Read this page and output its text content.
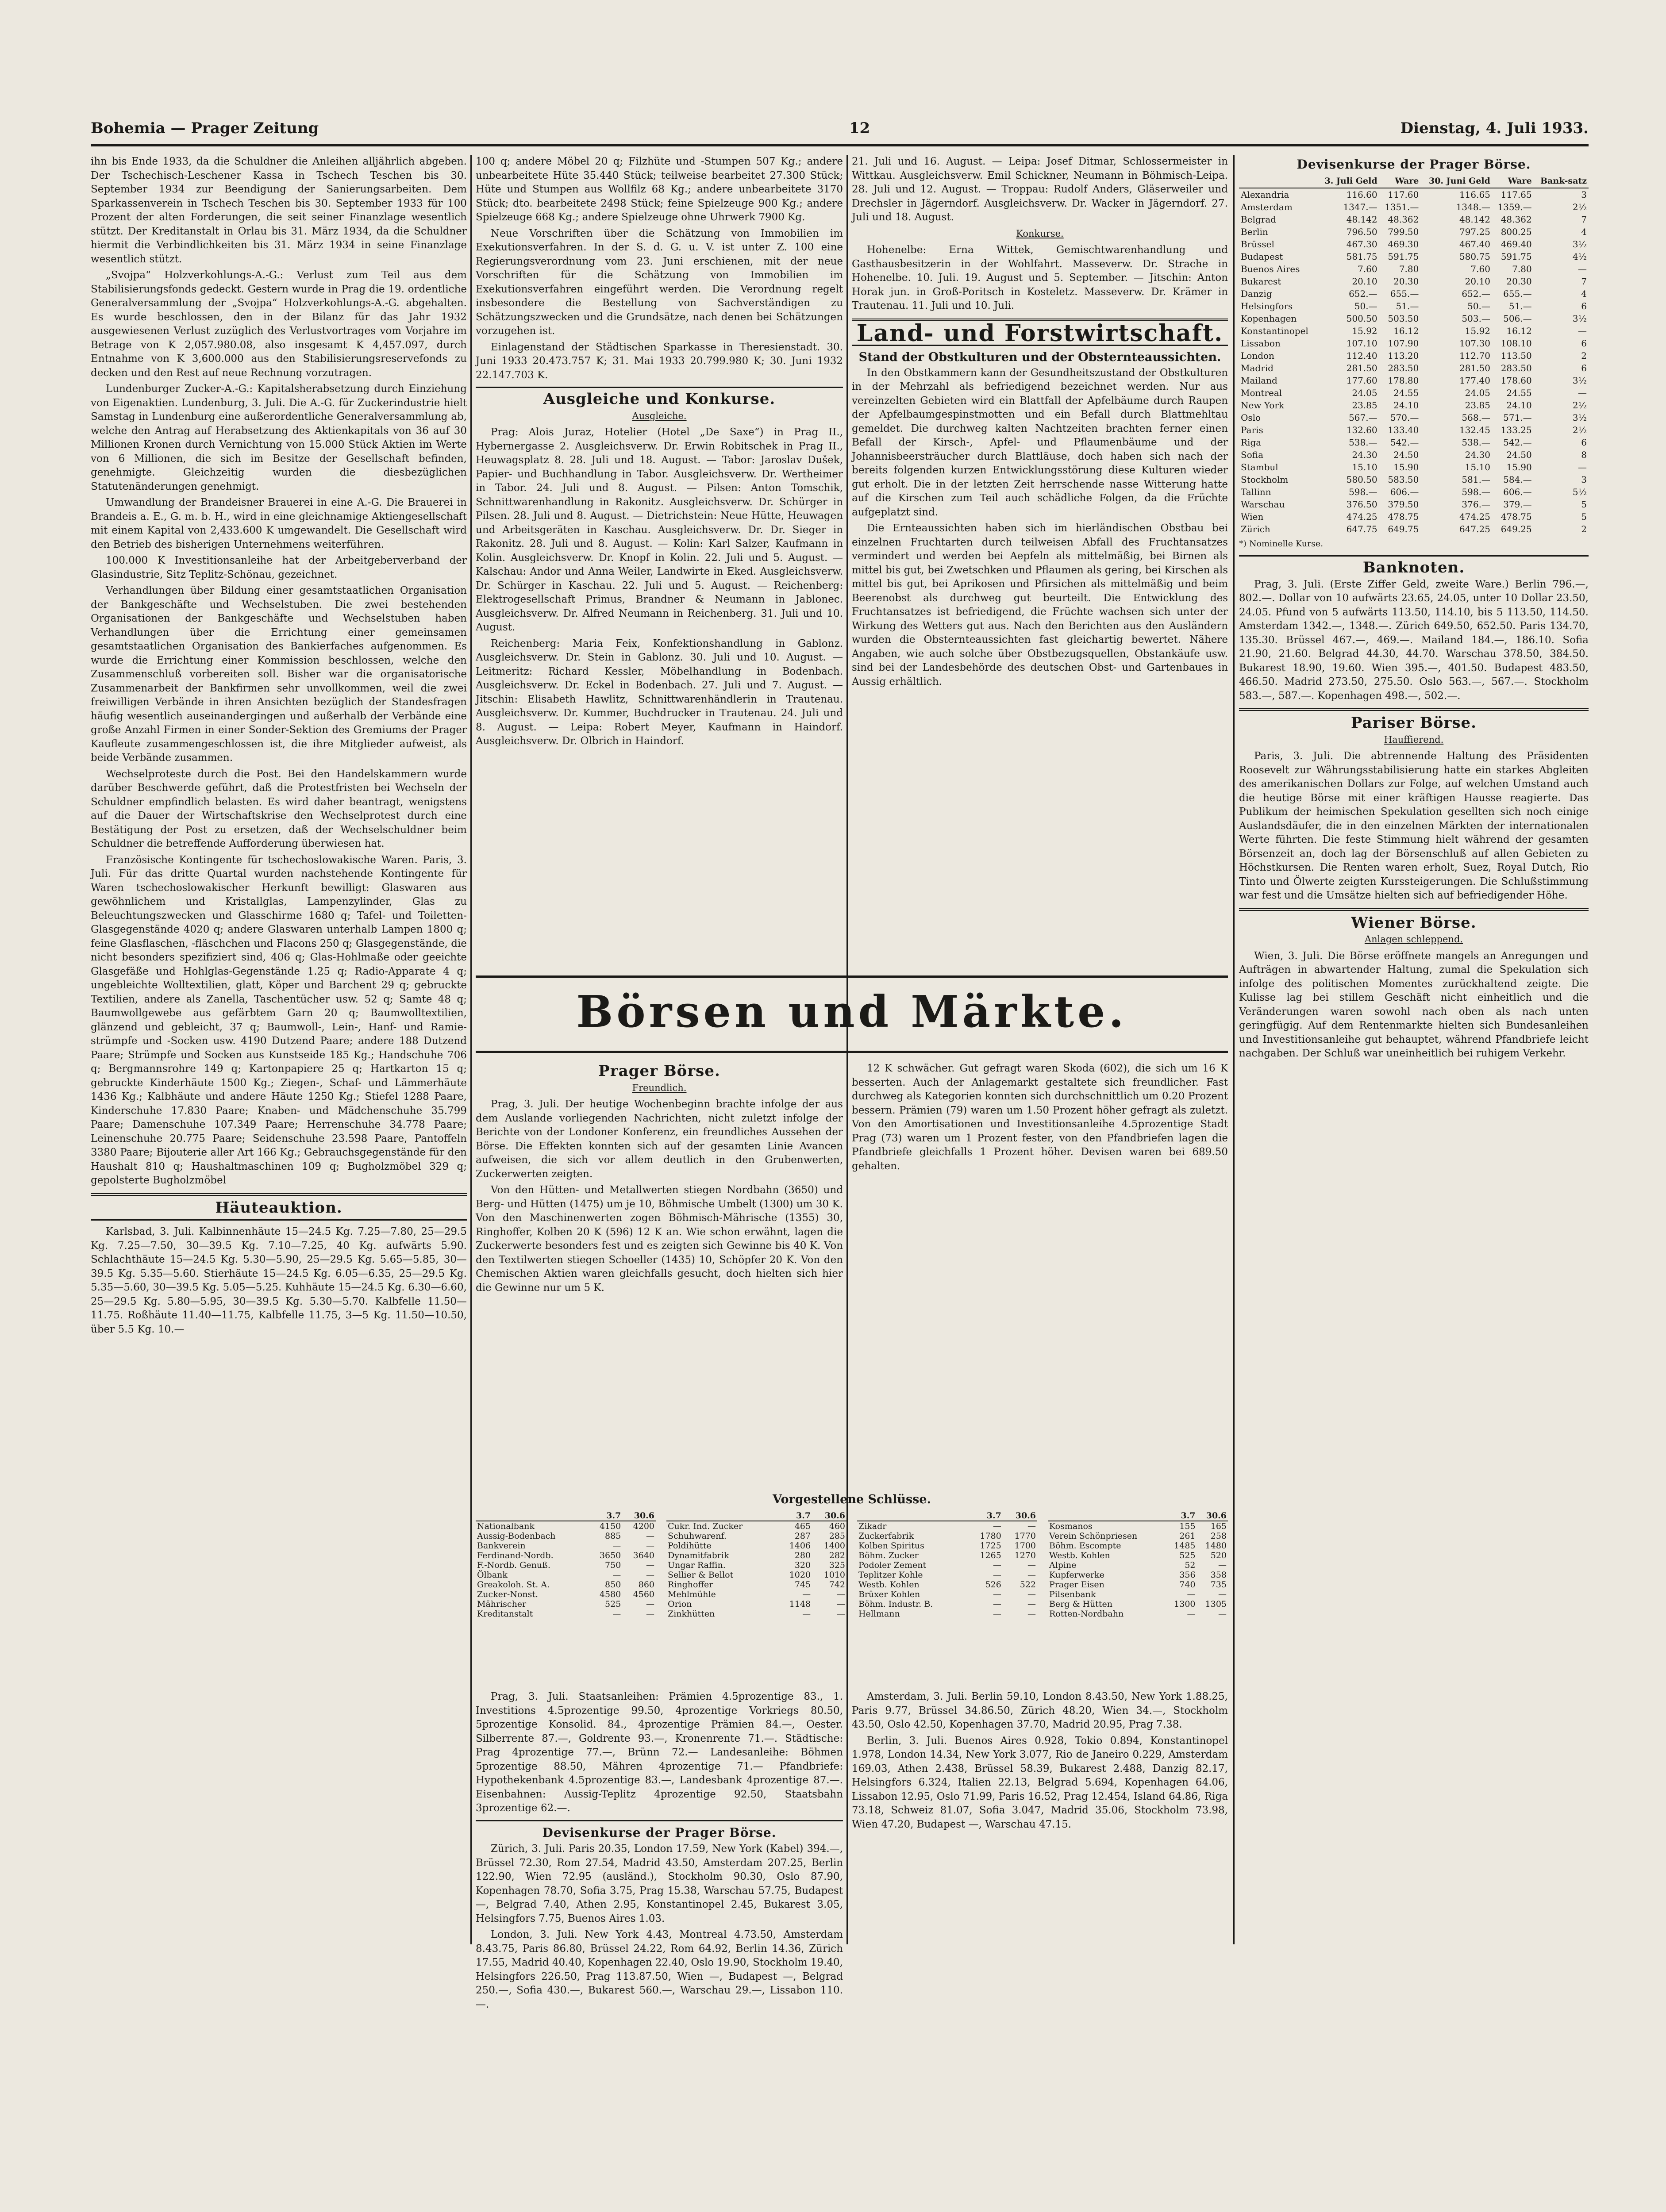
Bohemia — Prager Zeitung	12	Dienstag, 4. Juli 1933.

ihn bis Ende 1933, da die Schuldner die Anleihen alljährlich abgeben. Der Tschechisch-Leschener Kassa in Tschech Teschen bis 30. September 1934 zur Beendigung der Sanierungsarbeiten. Dem Sparkassenverein in Tschech Teschen bis 30. September 1933 für 100 Prozent der alten Forderungen, die seit seiner Finanzlage wesentlich stützt. Der Kreditanstalt in Orlau bis 31. März 1934, da die Schuldner hiermit die Verbindlichkeiten bis 31. März 1934 in seine Finanzlage wesentlich stützt.

„Svojpa“ Holzverkohlungs-A.-G.: Verlust zum Teil aus dem Stabilisierungsfonds gedeckt. Gestern wurde in Prag die 19. ordentliche Generalversammlung der „Svojpa“ Holzverkohlungs-A.-G. abgehalten. Es wurde beschlossen, den in der Bilanz für das Jahr 1932 ausgewiesenen Verlust zuzüglich des Verlustvortrages vom Vorjahre im Betrage von K 2,057.980.08, also insgesamt K 4,457.097, durch Entnahme von K 3,600.000 aus den Stabilisierungsreservefonds zu decken und den Rest auf neue Rechnung vorzutragen.

Lundenburger Zucker-A.-G.: Kapitalsherabsetzung durch Einziehung von Eigenaktien. Lundenburg, 3. Juli. Die A.-G. für Zuckerindustrie hielt Samstag in Lundenburg eine außerordentliche Generalversammlung ab, welche den Antrag auf Herabsetzung des Aktienkapitals von 36 auf 30 Millionen Kronen durch Vernichtung von 15.000 Stück Aktien im Werte von 6 Millionen, die sich im Besitze der Gesellschaft befinden, genehmigte. Gleichzeitig wurden die diesbezüglichen Statutenänderungen genehmigt.

Umwandlung der Brandeisner Brauerei in eine A.-G. Die Brauerei in Brandeis a. E., G. m. b. H., wird in eine gleichnamige Aktiengesellschaft mit einem Kapital von 2,433.600 K umgewandelt. Die Gesellschaft wird den Betrieb des bisherigen Unternehmens weiterführen.

100.000 K Investitionsanleihe hat der Arbeitgeberverband der Glasindustrie, Sitz Teplitz-Schönau, gezeichnet.

Verhandlungen über Bildung einer gesamtstaatlichen Organisation der Bankgeschäfte und Wechselstuben. Die zwei bestehenden Organisationen der Bankgeschäfte und Wechselstuben haben Verhandlungen über die Errichtung einer gemeinsamen gesamtstaatlichen Organisation des Bankierfaches aufgenommen. Es wurde die Errichtung einer Kommission beschlossen, welche den Zusammenschluß vorbereiten soll. Bisher war die organisatorische Zusammenarbeit der Bankfirmen sehr unvollkommen, weil die zwei freiwilligen Verbände in ihren Ansichten bezüglich der Standesfragen häufig wesentlich auseinandergingen und außerhalb der Verbände eine große Anzahl Firmen in einer Sonder-Sektion des Gremiums der Prager Kaufleute zusammengeschlossen ist, die ihre Mitglieder aufweist, als beide Verbände zusammen.

Wechselproteste durch die Post. Bei den Handelskammern wurde darüber Beschwerde geführt, daß die Protestfristen bei Wechseln der Schuldner empfindlich belasten. Es wird daher beantragt, wenigstens auf die Dauer der Wirtschaftskrise den Wechselprotest durch eine Bestätigung der Post zu ersetzen, daß der Wechselschuldner beim Schuldner die betreffende Aufforderung überwiesen hat.

Französische Kontingente für tschechoslowakische Waren. Paris, 3. Juli. Für das dritte Quartal wurden nachstehende Kontingente für Waren tschechoslowakischer Herkunft bewilligt: Glaswaren aus gewöhnlichem und Kristallglas, Lampenzylinder, Glas zu Beleuchtungszwecken und Glasschirme 1680 q; Tafel- und Toiletten-Glasgegenstände 4020 q; andere Glaswaren unterhalb Lampen 1800 q; feine Glasflaschen, -fläschchen und Flacons 250 q; Glasgegenstände, die nicht besonders spezifiziert sind, 406 q; Glas-Hohlmaße oder geeichte Glasgefäße und Hohlglas-Gegenstände 1.25 q; Radio-Apparate 4 q; ungebleichte Wolltextilien, glatt, Köper und Barchent 29 q; gebruckte Textilien, andere als Zanella, Taschentücher usw. 52 q; Samte 48 q; Baumwollgewebe aus gefärbtem Garn 20 q; Baumwolltextilien, glänzend und gebleicht, 37 q; Baumwoll-, Lein-, Hanf- und Ramie-strümpfe und -Socken usw. 4190 Dutzend Paare; andere 188 Dutzend Paare; Strümpfe und Socken aus Kunstseide 185 Kg.; Handschuhe 706 q; Bergmannsrohre 149 q; Kartonpapiere 25 q; Hartkarton 15 q; gebruckte Kinderhäute 1500 Kg.; Ziegen-, Schaf- und Lämmerhäute 1436 Kg.; Kalbhäute und andere Häute 1250 Kg.; Stiefel 1288 Paare, Kinderschuhe 17.830 Paare; Knaben- und Mädchenschuhe 35.799 Paare; Damenschuhe 107.349 Paare; Herrenschuhe 34.778 Paare; Leinenschuhe 20.775 Paare; Seidenschuhe 23.598 Paare, Pantoffeln 3380 Paare; Bijouterie aller Art 166 Kg.; Gebrauchsgegenstände für den Haushalt 810 q; Haushaltmaschinen 109 q; Bugholzmöbel 329 q; gepolsterte Bugholzmöbel

Häuteauktion.

Karlsbad, 3. Juli. Kalbinnenhäute 15—24.5 Kg. 7.25—7.80, 25—29.5 Kg. 7.25—7.50, 30—39.5 Kg. 7.10—7.25, 40 Kg. aufwärts 5.90. Schlachthäute 15—24.5 Kg. 5.30—5.90, 25—29.5 Kg. 5.65—5.85, 30—39.5 Kg. 5.35—5.60. Stierhäute 15—24.5 Kg. 6.05—6.35, 25—29.5 Kg. 5.35—5.60, 30—39.5 Kg. 5.05—5.25. Kuhhäute 15—24.5 Kg. 6.30—6.60, 25—29.5 Kg. 5.80—5.95, 30—39.5 Kg. 5.30—5.70. Kalbfelle 11.50—11.75. Roßhäute 11.40—11.75, Kalbfelle 11.75, 3—5 Kg. 11.50—10.50, über 5.5 Kg. 10.—

100 q; andere Möbel 20 q; Filzhüte und -Stumpen 507 Kg.; andere unbearbeitete Hüte 35.440 Stück; teilweise bearbeitet 27.300 Stück; Hüte und Stumpen aus Wollfilz 68 Kg.; andere unbearbeitete 3170 Stück; dto. bearbeitete 2498 Stück; feine Spielzeuge 900 Kg.; andere Spielzeuge 668 Kg.; andere Spielzeuge ohne Uhrwerk 7900 Kg.

Neue Vorschriften über die Schätzung von Immobilien im Exekutionsverfahren. In der S. d. G. u. V. ist unter Z. 100 eine Regierungsverordnung vom 23. Juni erschienen, mit der neue Vorschriften für die Schätzung von Immobilien im Exekutionsverfahren eingeführt werden. Die Verordnung regelt insbesondere die Bestellung von Sachverständigen zu Schätzungszwecken und die Grundsätze, nach denen bei Schätzungen vorzugehen ist.

Einlagenstand der Städtischen Sparkasse in Theresienstadt. 30. Juni 1933 20.473.757 K; 31. Mai 1933 20.799.980 K; 30. Juni 1932 22.147.703 K.

Ausgleiche und Konkurse.
Ausgleiche.

Prag: Alois Juraz, Hotelier (Hotel „De Saxe“) in Prag II., Hybernergasse 2. Ausgleichsverw. Dr. Erwin Robitschek in Prag II., Heuwagsplatz 8. 28. Juli und 18. August. — Tabor: Jaroslav Dušek, Papier- und Buchhandlung in Tabor. Ausgleichsverw. Dr. Wertheimer in Tabor. 24. Juli und 8. August. — Pilsen: Anton Tomschik, Schnittwarenhandlung in Rakonitz. Ausgleichsverw. Dr. Schürger in Pilsen. 28. Juli und 8. August. — Dietrichstein: Neue Hütte, Heuwagen und Arbeitsgeräten in Kaschau. Ausgleichsverw. Dr. Dr. Sieger in Rakonitz. 28. Juli und 8. August. — Kolin: Karl Salzer, Kaufmann in Kolin. Ausgleichsverw. Dr. Knopf in Kolin. 22. Juli und 5. August. — Kalschau: Andor und Anna Weiler, Landwirte in Eked. Ausgleichsverw. Dr. Schürger in Kaschau. 22. Juli und 5. August. — Reichenberg: Elektrogesellschaft Primus, Brandner & Neumann in Jablonec. Ausgleichsverw. Dr. Alfred Neumann in Reichenberg. 31. Juli und 10. August.

Reichenberg: Maria Feix, Konfektionshandlung in Gablonz. Ausgleichsverw. Dr. Stein in Gablonz. 30. Juli und 10. August. — Leitmeritz: Richard Kessler, Möbelhandlung in Bodenbach. Ausgleichsverw. Dr. Eckel in Bodenbach. 27. Juli und 7. August. — Jitschin: Elisabeth Hawlitz, Schnittwarenhändlerin in Trautenau. Ausgleichsverw. Dr. Kummer, Buchdrucker in Trautenau. 24. Juli und 8. August. — Leipa: Robert Meyer, Kaufmann in Haindorf. Ausgleichsverw. Dr. Olbrich in Haindorf.

21. Juli und 16. August. — Leipa: Josef Ditmar, Schlossermeister in Wittkau. Ausgleichsverw. Emil Schickner, Neumann in Böhmisch-Leipa. 28. Juli und 12. August. — Troppau: Rudolf Anders, Gläserweiler und Drechsler in Jägerndorf. Ausgleichsverw. Dr. Wacker in Jägerndorf. 27. Juli und 18. August.

Konkurse.

Hohenelbe: Erna Wittek, Gemischtwarenhandlung und Gasthausbesitzerin in der Wohlfahrt. Masseverw. Dr. Strache in Hohenelbe. 10. Juli. 19. August und 5. September. — Jitschin: Anton Horak jun. in Groß-Poritsch in Kosteletz. Masseverw. Dr. Krämer in Trautenau. 11. Juli und 10. Juli.

Land- und Forstwirtschaft.
Stand der Obstkulturen und der Obsternteaussichten.

In den Obstkammern kann der Gesundheitszustand der Obstkulturen in der Mehrzahl als befriedigend bezeichnet werden. Nur aus vereinzelten Gebieten wird ein Blattfall der Apfelbäume durch Raupen der Apfelbaumgespinstmotten und ein Befall durch Blattmehltau gemeldet. Die durchweg kalten Nachtzeiten brachten ferner einen Befall der Kirsch-, Apfel- und Pflaumenbäume und der Johannisbeersträucher durch Blattläuse, doch haben sich nach der bereits folgenden kurzen Entwicklungsstörung diese Kulturen wieder gut erholt. Die in der letzten Zeit herrschende nasse Witterung hatte auf die Kirschen zum Teil auch schädliche Folgen, da die Früchte aufgeplatzt sind.

Die Ernteaussichten haben sich im hierländischen Obstbau bei einzelnen Fruchtarten durch teilweisen Abfall des Fruchtansatzes vermindert und werden bei Aepfeln als mittelmäßig, bei Birnen als mittel bis gut, bei Zwetschken und Pflaumen als gering, bei Kirschen als mittel bis gut, bei Aprikosen und Pfirsichen als mittelmäßig und beim Beerenobst als durchweg gut beurteilt. Die Entwicklung des Fruchtansatzes ist befriedigend, die Früchte wachsen sich unter der Wirkung des Wetters gut aus. Nach den Berichten aus den Ausländern wurden die Obsternteaussichten fast gleichartig bewertet. Nähere Angaben, wie auch solche über Obstbezugsquellen, Obstankäufe usw. sind bei der Landesbehörde des deutschen Obst- und Gartenbaues in Aussig erhältlich.

Börsen und Märkte.
Prager Börse.
Freundlich.

Prag, 3. Juli. Der heutige Wochenbeginn brachte infolge der aus dem Auslande vorliegenden Nachrichten, nicht zuletzt infolge der Berichte von der Londoner Konferenz, ein freundliches Aussehen der Börse. Die Effekten konnten sich auf der gesamten Linie Avancen aufweisen, die sich vor allem deutlich in den Grubenwerten, Zuckerwerten zeigten.

Von den Hütten- und Metallwerten stiegen Nordbahn (3650) und Berg- und Hütten (1475) um je 10, Böhmische Umbelt (1300) um 30 K. Von den Maschinenwerten zogen Böhmisch-Mährische (1355) 30, Ringhoffer, Kolben 20 K (596) 12 K an. Wie schon erwähnt, lagen die Zuckerwerte besonders fest und es zeigten sich Gewinne bis 40 K. Von den Textilwerten stiegen Schoeller (1435) 10, Schöpfer 20 K. Von den Chemischen Aktien waren gleichfalls gesucht, doch hielten sich hier die Gewinne nur um 5 K.

12 K schwächer. Gut gefragt waren Skoda (602), die sich um 16 K besserten. Auch der Anlagemarkt gestaltete sich freundlicher. Fast durchweg als Kategorien konnten sich durchschnittlich um 0.20 Prozent bessern. Prämien (79) waren um 1.50 Prozent höher gefragt als zuletzt. Von den Amortisationen und Investitionsanleihe 4.5prozentige Stadt Prag (73) waren um 1 Prozent fester, von den Pfandbriefen lagen die Pfandbriefe gleichfalls 1 Prozent höher. Devisen waren bei 689.50 gehalten.

Vorgestellene Schlüsse.
	3.7	30.6
Nationalbank	4150	4200
Aussig-Bodenbach	885	—
Bankverein	—	—
Ferdinand-Nordb.	3650	3640
F.-Nordb. Genuß.	750	—
Ölbank	—	—
Greakoloh. St. A.	850	860
Zucker-Nonst.	4580	4560
Mährischer	525	—
Kreditanstalt	—	—
	3.7	30.6
Cukr. Ind. Zucker	465	460
Schuhwarenf.	287	285
Poldihütte	1406	1400
Dynamitfabrik	280	282
Ungar Raffin.	320	325
Sellier & Bellot	1020	1010
Ringhoffer	745	742
Mehlmühle	—	—
Orion	1148	—
Zinkhütten	—	—
	3.7	30.6
Zikadr	—	—
Zuckerfabrik	1780	1770
Kolben Spiritus	1725	1700
Böhm. Zucker	1265	1270
Podoler Zement	—	—
Teplitzer Kohle	—	—
Westb. Kohlen	526	522
Brüxer Kohlen	—	—
Böhm. Industr. B.	—	—
Hellmann	—	—
	3.7	30.6
Kosmanos	155	165
Verein Schönpriesen	261	258
Böhm. Escompte	1485	1480
Westb. Kohlen	525	520
Alpine	52	—
Kupferwerke	356	358
Prager Eisen	740	735
Pilsenbank	—	—
Berg & Hütten	1300	1305
Rotten-Nordbahn	—	—

Prag, 3. Juli. Staatsanleihen: Prämien 4.5prozentige 83., 1. Investitions 4.5prozentige 99.50, 4prozentige Vorkriegs 80.50, 5prozentige Konsolid. 84., 4prozentige Prämien 84.—, Oester. Silberrente 87.—, Goldrente 93.—, Kronenrente 71.—. Städtische: Prag 4prozentige 77.—, Brünn 72.— Landesanleihe: Böhmen 5prozentige 88.50, Mähren 4prozentige 71.— Pfandbriefe: Hypothekenbank 4.5prozentige 83.—, Landesbank 4prozentige 87.—. Eisenbahnen: Aussig-Teplitz 4prozentige 92.50, Staatsbahn 3prozentige 62.—.

Devisenkurse der Prager Börse.

Zürich, 3. Juli. Paris 20.35, London 17.59, New York (Kabel) 394.—, Brüssel 72.30, Rom 27.54, Madrid 43.50, Amsterdam 207.25, Berlin 122.90, Wien 72.95 (ausländ.), Stockholm 90.30, Oslo 87.90, Kopenhagen 78.70, Sofia 3.75, Prag 15.38, Warschau 57.75, Budapest —, Belgrad 7.40, Athen 2.95, Konstantinopel 2.45, Bukarest 3.05, Helsingfors 7.75, Buenos Aires 1.03.

London, 3. Juli. New York 4.43, Montreal 4.73.50, Amsterdam 8.43.75, Paris 86.80, Brüssel 24.22, Rom 64.92, Berlin 14.36, Zürich 17.55, Madrid 40.40, Kopenhagen 22.40, Oslo 19.90, Stockholm 19.40, Helsingfors 226.50, Prag 113.87.50, Wien —, Budapest —, Belgrad 250.—, Sofia 430.—, Bukarest 560.—, Warschau 29.—, Lissabon 110.—.

Amsterdam, 3. Juli. Berlin 59.10, London 8.43.50, New York 1.88.25, Paris 9.77, Brüssel 34.86.50, Zürich 48.20, Wien 34.—, Stockholm 43.50, Oslo 42.50, Kopenhagen 37.70, Madrid 20.95, Prag 7.38.

Berlin, 3. Juli. Buenos Aires 0.928, Tokio 0.894, Konstantinopel 1.978, London 14.34, New York 3.077, Rio de Janeiro 0.229, Amsterdam 169.03, Athen 2.438, Brüssel 58.39, Bukarest 2.488, Danzig 82.17, Helsingfors 6.324, Italien 22.13, Belgrad 5.694, Kopenhagen 64.06, Lissabon 12.95, Oslo 71.99, Paris 16.52, Prag 12.454, Island 64.86, Riga 73.18, Schweiz 81.07, Sofia 3.047, Madrid 35.06, Stockholm 73.98, Wien 47.20, Budapest —, Warschau 47.15.

Devisenkurse der Prager Börse.
	3. Juli Geld	Ware	30. Juni Geld	Ware	Bank-satz
Alexandria	116.60	117.60	116.65	117.65	3
Amsterdam	1347.—	1351.—	1348.—	1359.—	2½
Belgrad	48.142	48.362	48.142	48.362	7
Berlin	796.50	799.50	797.25	800.25	4
Brüssel	467.30	469.30	467.40	469.40	3½
Budapest	581.75	591.75	580.75	591.75	4½
Buenos Aires	7.60	7.80	7.60	7.80	—
Bukarest	20.10	20.30	20.10	20.30	7
Danzig	652.—	655.—	652.—	655.—	4
Helsingfors	50.—	51.—	50.—	51.—	6
Kopenhagen	500.50	503.50	503.—	506.—	3½
Konstantinopel	15.92	16.12	15.92	16.12	—
Lissabon	107.10	107.90	107.30	108.10	6
London	112.40	113.20	112.70	113.50	2
Madrid	281.50	283.50	281.50	283.50	6
Mailand	177.60	178.80	177.40	178.60	3½
Montreal	24.05	24.55	24.05	24.55	—
New York	23.85	24.10	23.85	24.10	2½
Oslo	567.—	570.—	568.—	571.—	3½
Paris	132.60	133.40	132.45	133.25	2½
Riga	538.—	542.—	538.—	542.—	6
Sofia	24.30	24.50	24.30	24.50	8
Stambul	15.10	15.90	15.10	15.90	—
Stockholm	580.50	583.50	581.—	584.—	3
Tallinn	598.—	606.—	598.—	606.—	5½
Warschau	376.50	379.50	376.—	379.—	5
Wien	474.25	478.75	474.25	478.75	5
Zürich	647.75	649.75	647.25	649.25	2
*) Nominelle Kurse.
Banknoten.

Prag, 3. Juli. (Erste Ziffer Geld, zweite Ware.) Berlin 796.—, 802.—. Dollar von 10 aufwärts 23.65, 24.05, unter 10 Dollar 23.50, 24.05. Pfund von 5 aufwärts 113.50, 114.10, bis 5 113.50, 114.50. Amsterdam 1342.—, 1348.—. Zürich 649.50, 652.50. Paris 134.70, 135.30. Brüssel 467.—, 469.—. Mailand 184.—, 186.10. Sofia 21.90, 21.60. Belgrad 44.30, 44.70. Warschau 378.50, 384.50. Bukarest 18.90, 19.60. Wien 395.—, 401.50. Budapest 483.50, 466.50. Madrid 273.50, 275.50. Oslo 563.—, 567.—. Stockholm 583.—, 587.—. Kopenhagen 498.—, 502.—.

Pariser Börse.
Hauffierend.

Paris, 3. Juli. Die abtrennende Haltung des Präsidenten Roosevelt zur Währungsstabilisierung hatte ein starkes Abgleiten des amerikanischen Dollars zur Folge, auf welchen Umstand auch die heutige Börse mit einer kräftigen Hausse reagierte. Das Publikum der heimischen Spekulation gesellten sich noch einige Auslandsdäufer, die in den einzelnen Märkten der internationalen Werte führten. Die feste Stimmung hielt während der gesamten Börsenzeit an, doch lag der Börsenschluß auf allen Gebieten zu Höchstkursen. Die Renten waren erholt, Suez, Royal Dutch, Rio Tinto und Ölwerte zeigten Kurssteigerungen. Die Schlußstimmung war fest und die Umsätze hielten sich auf befriedigender Höhe.

Wiener Börse.
Anlagen schleppend.

Wien, 3. Juli. Die Börse eröffnete mangels an Anregungen und Aufträgen in abwartender Haltung, zumal die Spekulation sich infolge des politischen Momentes zurückhaltend zeigte. Die Kulisse lag bei stillem Geschäft nicht einheitlich und die Veränderungen waren sowohl nach oben als nach unten geringfügig. Auf dem Rentenmarkte hielten sich Bundesanleihen und Investitionsanleihe gut behauptet, während Pfandbriefe leicht nachgaben. Der Schluß war uneinheitlich bei ruhigem Verkehr.
